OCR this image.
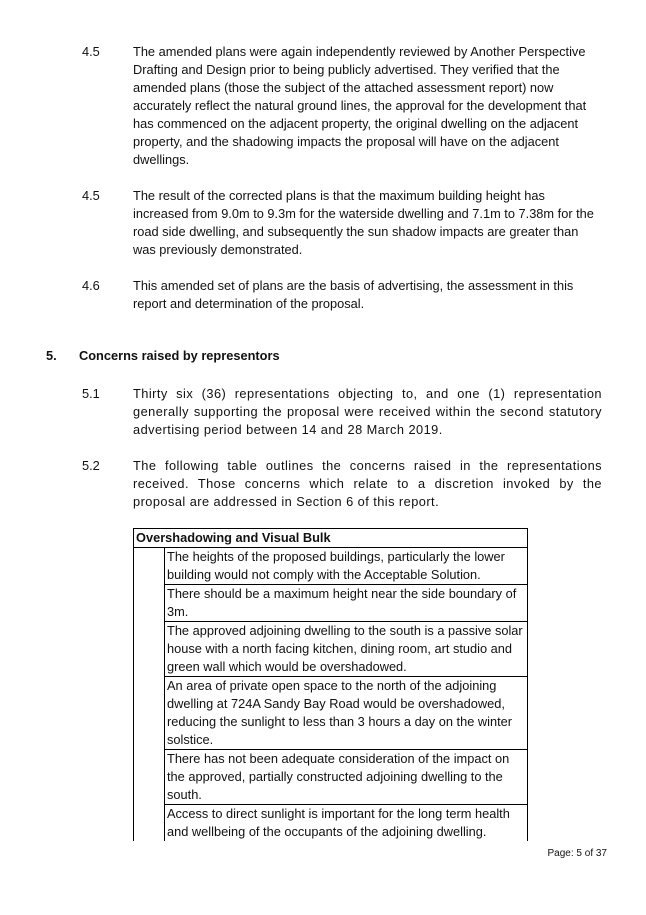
4.5	The amended plans were again independently reviewed by Another Perspective Drafting and Design prior to being publicly advertised. They verified that the amended plans (those the subject of the attached assessment report) now accurately reflect the natural ground lines, the approval for the development that has commenced on the adjacent property, the original dwelling on the adjacent property, and the shadowing impacts the proposal will have on the adjacent dwellings.
4.5	The result of the corrected plans is that the maximum building height has increased from 9.0m to 9.3m for the waterside dwelling and 7.1m to 7.38m for the road side dwelling, and subsequently the sun shadow impacts are greater than was previously demonstrated.
4.6	This amended set of plans are the basis of advertising, the assessment in this report and determination of the proposal.
5. Concerns raised by representors
5.1	Thirty six (36) representations objecting to, and one (1) representation generally supporting the proposal were received within the second statutory advertising period between 14 and 28 March 2019.
5.2	The following table outlines the concerns raised in the representations received. Those concerns which relate to a discretion invoked by the proposal are addressed in Section 6 of this report.
Overshadowing and Visual Bulk	
	The heights of the proposed buildings, particularly the lower building would not comply with the Acceptable Solution.
	There should be a maximum height near the side boundary of 3m.
	The approved adjoining dwelling to the south is a passive solar house with a north facing kitchen, dining room, art studio and green wall which would be overshadowed.
	An area of private open space to the north of the adjoining dwelling at 724A Sandy Bay Road would be overshadowed, reducing the sunlight to less than 3 hours a day on the winter solstice.
	There has not been adequate consideration of the impact on the approved, partially constructed adjoining dwelling to the south.
	Access to direct sunlight is important for the long term health and wellbeing of the occupants of the adjoining dwelling.
Page: 5 of 37
